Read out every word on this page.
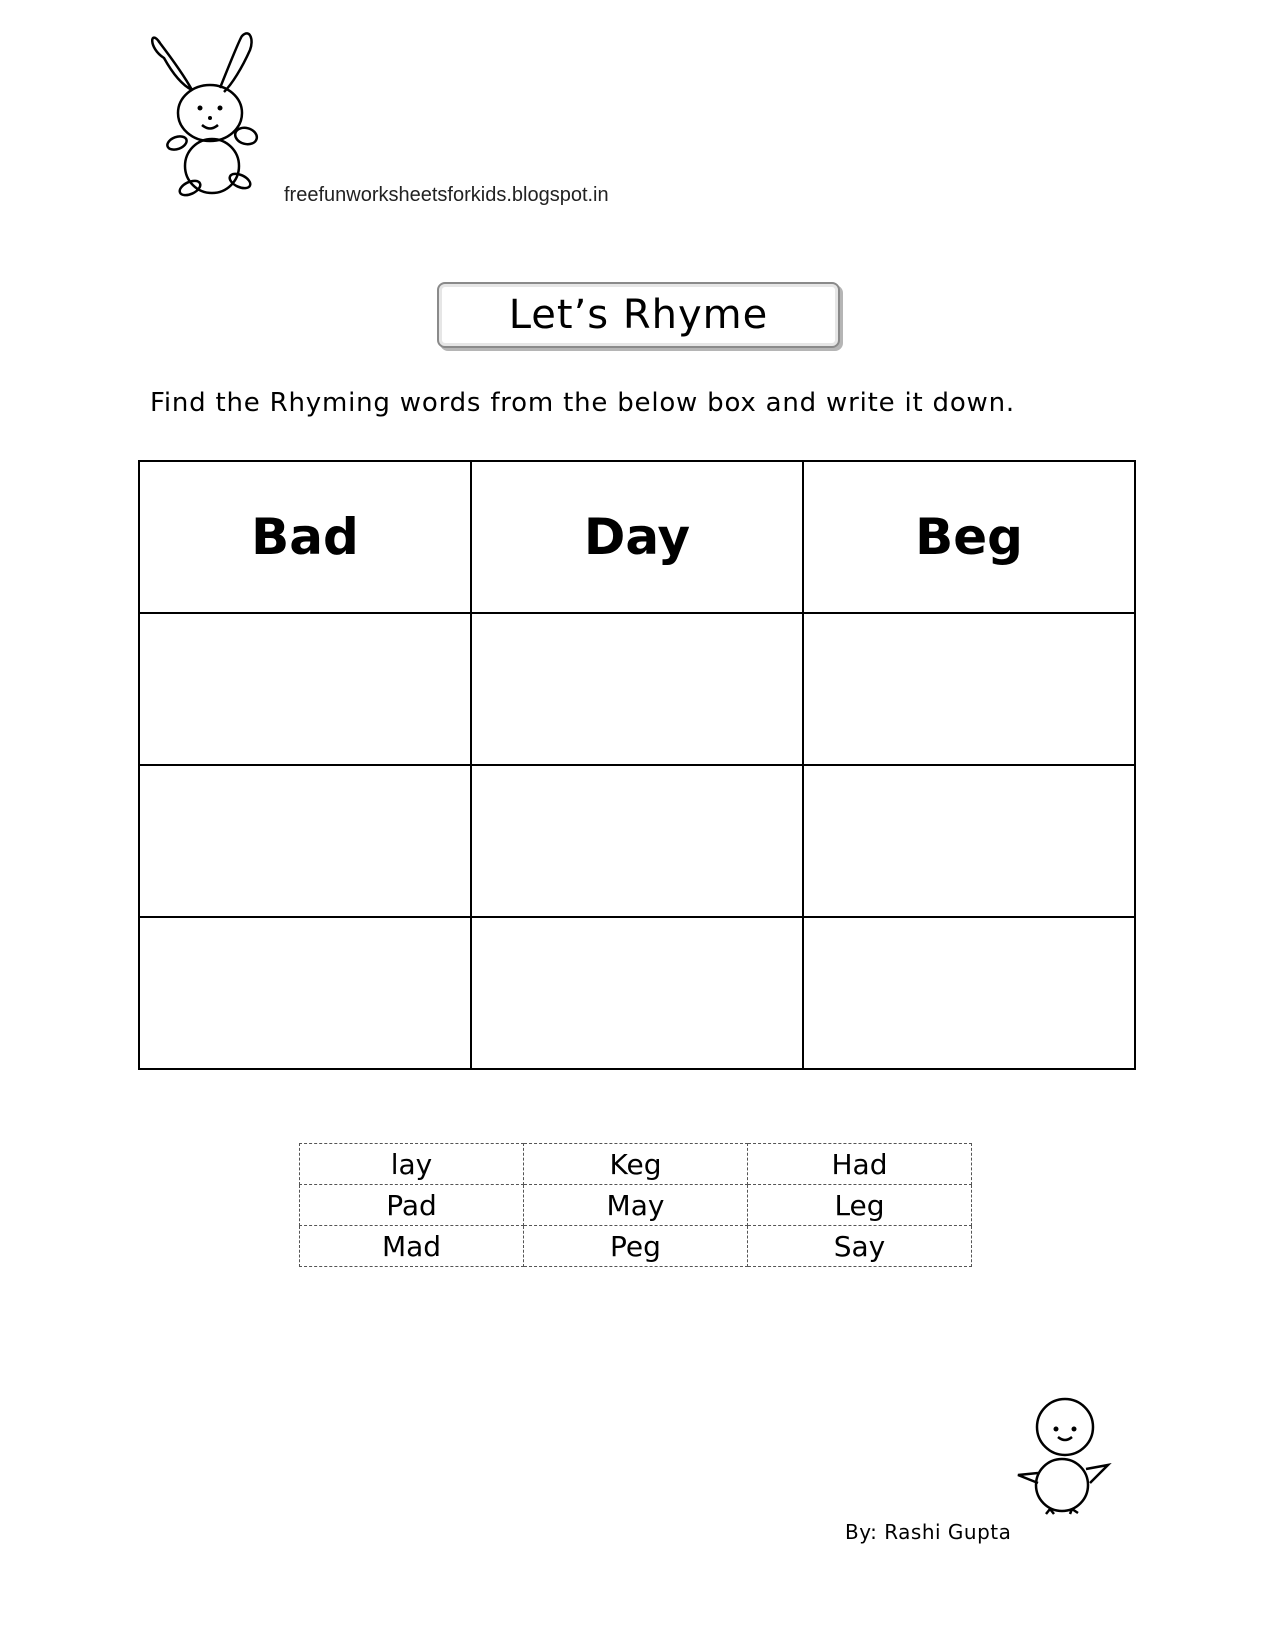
freefunworksheetsforkids.blogspot.in
Let’s Rhyme
Find the Rhyming words from the below box and write it down.
Bad	Day	Beg

lay	Keg	Had
Pad	May	Leg
Mad	Peg	Say
By: Rashi Gupta
